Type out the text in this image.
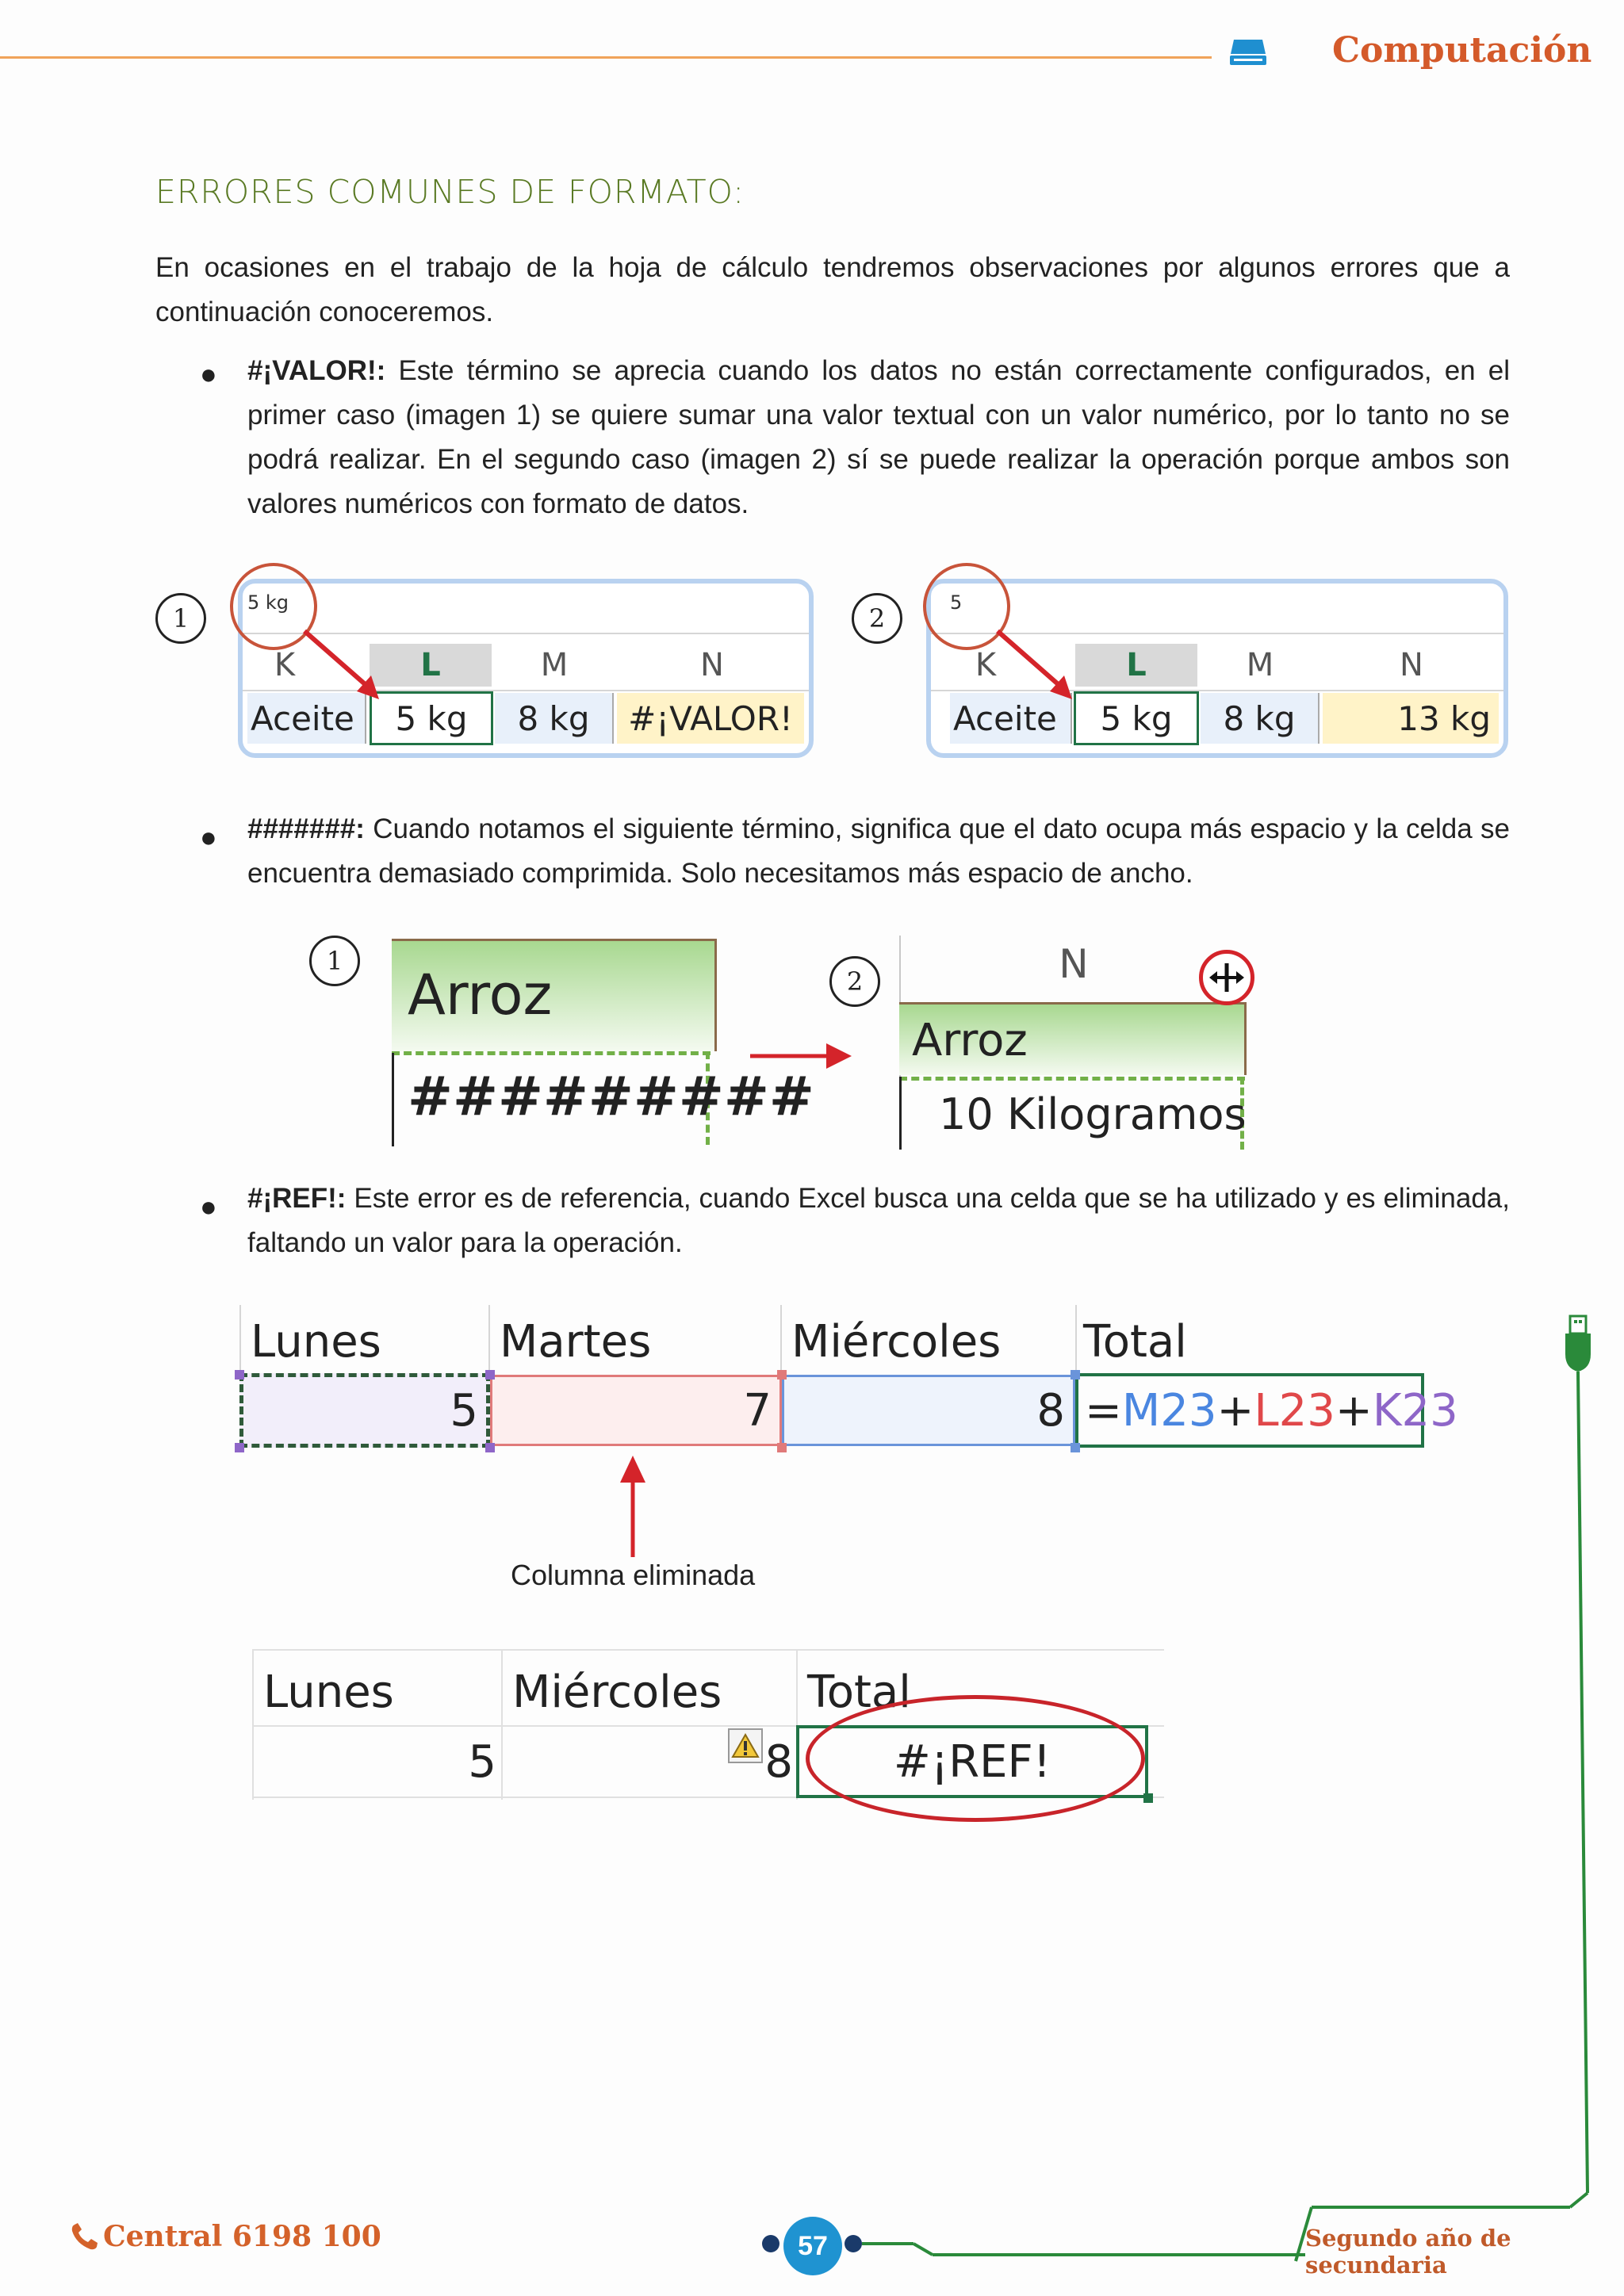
Computación
ERRORES COMUNES DE FORMATO:
En ocasiones en el trabajo de la hoja de cálculo tendremos observaciones por algunos errores que a continuación conoceremos.
● #¡VALOR!: Este término se aprecia cuando los datos no están correctamente configurados, en el primer caso (imagen 1) se quiere sumar una valor textual con un valor numérico, por lo tanto no se podrá realizar. En el segundo caso (imagen 2) sí se puede realizar la operación porque ambos son valores numéricos con formato de datos.
1
5 kg
K	L	M	N
Aceite	5 kg	8 kg	#¡VALOR!
2
5
K	L	M	N
Aceite	5 kg	8 kg	13 kg
● #######: Cuando notamos el siguiente término, significa que el dato ocupa más espacio y la celda se encuentra demasiado comprimida. Solo necesitamos más espacio de ancho.
1
Arroz
#########
2	N
Arroz
10 Kilogramos
● #¡REF!: Este error es de referencia, cuando Excel busca una celda que se ha utilizado y es eliminada, faltando un valor para la operación.
Lunes	Martes	Miércoles Total
5	7	8 = M23 + L23 + K23
Columna eliminada
Lunes	Miércoles Total
5	8	#¡REF!
Central 6198 100	57	Segundo año de secundaria
